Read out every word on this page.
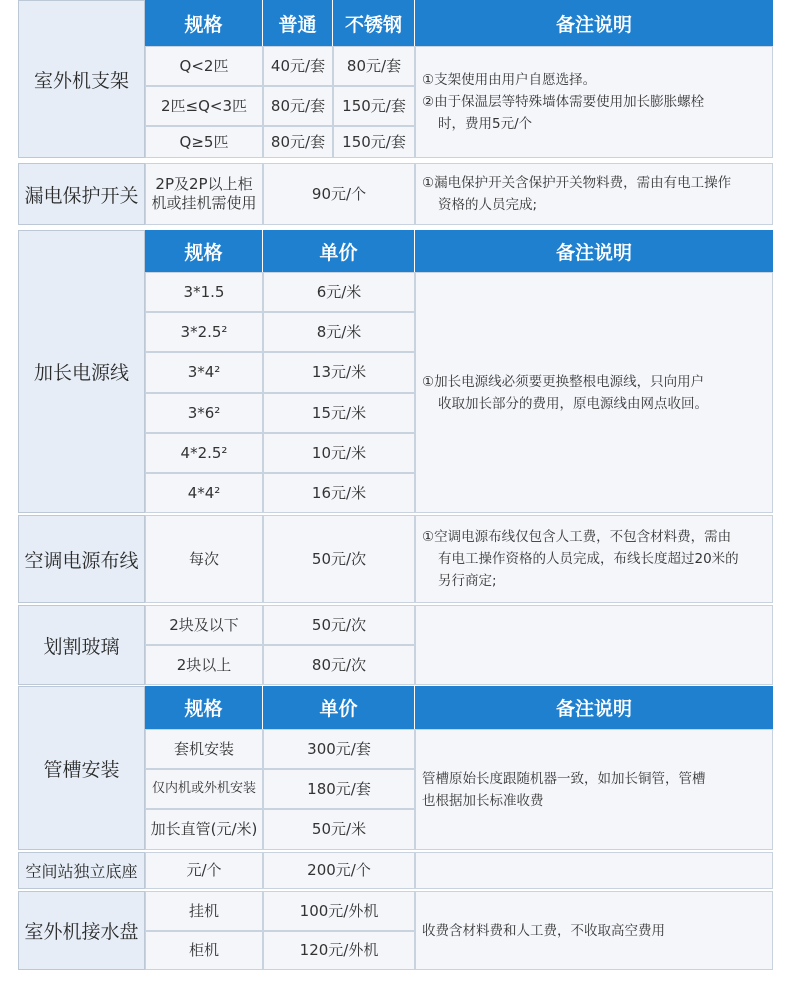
室外机支架
规格	普通 不锈钢	备注说明
Q<2匹	40元/套 80元/套
2匹≤Q<3匹 80元/套 150元/套
Q≥5匹	80元/套 150元/套
①支架使用由用户自愿选择。
②由于保温层等特殊墙体需要使用加长膨胀螺栓
时，费用5元/个
漏电保护开关
2P及2P以上柜
机或挂机需使用
90元/个
①漏电保护开关含保护开关物料费，需由有电工操作
资格的人员完成;
加长电源线
规格	单价	备注说明
3*1.5	6元/米
3*2.5²	8元/米
3*4²	13元/米
3*6²	15元/米
4*2.5²	10元/米
4*4²	16元/米
①加长电源线必须要更换整根电源线，只向用户
收取加长部分的费用，原电源线由网点收回。
空调电源布线	每次	50元/次
①空调电源布线仅包含人工费，不包含材料费，需由
有电工操作资格的人员完成，布线长度超过20米的
另行商定;
划割玻璃
2块及以下	50元/次
2块以上	80元/次
管槽安装
规格	单价	备注说明
套机安装	300元/套
仅内机或外机安装	180元/套
加长直管(元/米)	50元/米
管槽原始长度跟随机器一致，如加长铜管，管槽
也根据加长标准收费
空间站独立底座	元/个	200元/个
室外机接水盘
挂机	100元/外机
柜机	120元/外机
收费含材料费和人工费，不收取高空费用
